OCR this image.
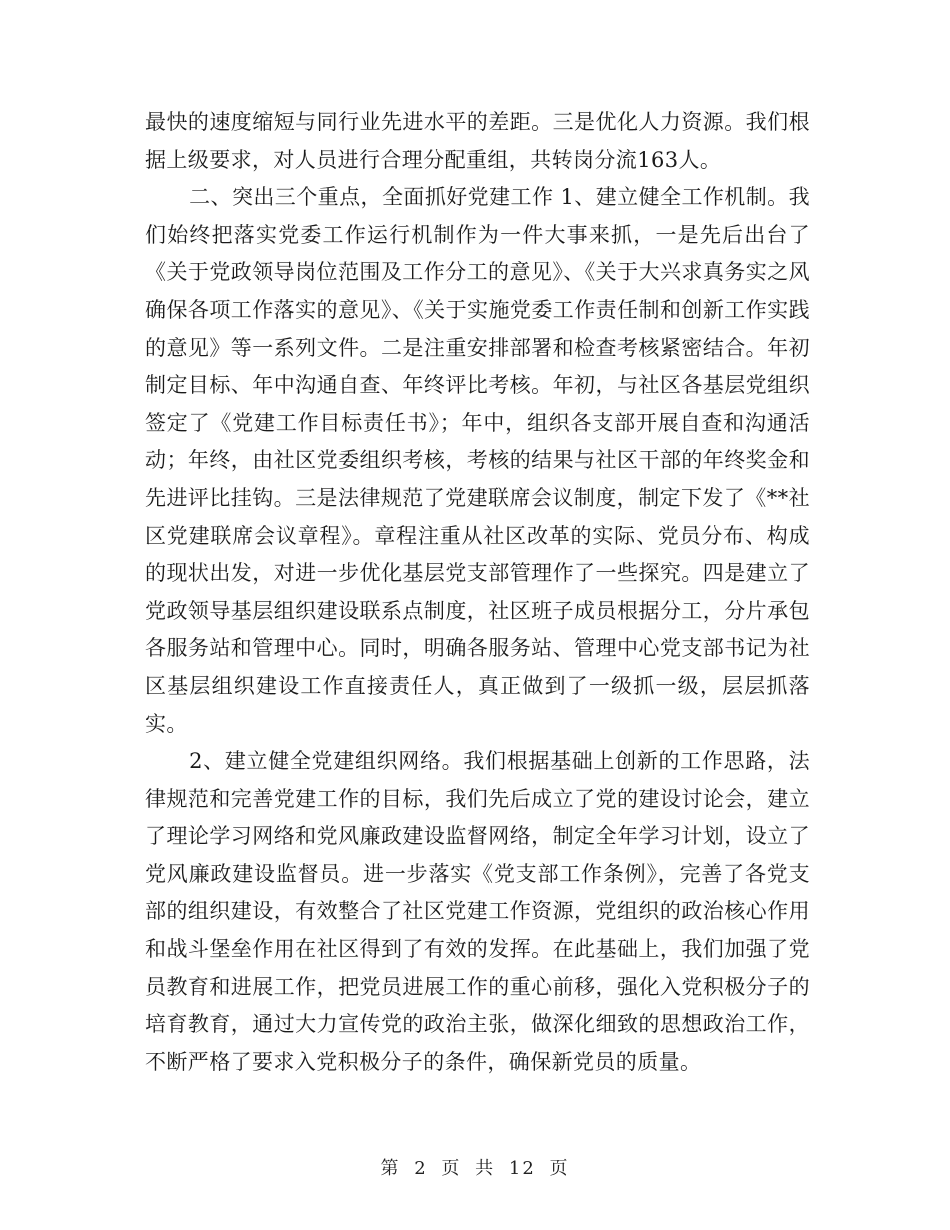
最快的速度缩短与同行业先进水平的差距。三是优化人力资源。我们根据上级要求，对人员进行合理分配重组，共转岗分流163人。

二、突出三个重点，全面抓好党建工作 1、建立健全工作机制。我们始终把落实党委工作运行机制作为一件大事来抓，一是先后出台了《关于党政领导岗位范围及工作分工的意见》、《关于大兴求真务实之风确保各项工作落实的意见》、《关于实施党委工作责任制和创新工作实践的意见》等一系列文件。二是注重安排部署和检查考核紧密结合。年初制定目标、年中沟通自查、年终评比考核。年初，与社区各基层党组织签定了《党建工作目标责任书》；年中，组织各支部开展自查和沟通活动；年终，由社区党委组织考核，考核的结果与社区干部的年终奖金和先进评比挂钩。三是法律规范了党建联席会议制度，制定下发了《**社区党建联席会议章程》。章程注重从社区改革的实际、党员分布、构成的现状出发，对进一步优化基层党支部管理作了一些探究。四是建立了党政领导基层组织建设联系点制度，社区班子成员根据分工，分片承包各服务站和管理中心。同时，明确各服务站、管理中心党支部书记为社区基层组织建设工作直接责任人，真正做到了一级抓一级，层层抓落实。

2、建立健全党建组织网络。我们根据基础上创新的工作思路，法律规范和完善党建工作的目标，我们先后成立了党的建设讨论会，建立了理论学习网络和党风廉政建设监督网络，制定全年学习计划，设立了党风廉政建设监督员。进一步落实《党支部工作条例》，完善了各党支部的组织建设，有效整合了社区党建工作资源，党组织的政治核心作用和战斗堡垒作用在社区得到了有效的发挥。在此基础上，我们加强了党员教育和进展工作，把党员进展工作的重心前移，强化入党积极分子的培育教育，通过大力宣传党的政治主张，做深化细致的思想政治工作，不断严格了要求入党积极分子的条件，确保新党员的质量。

第 2 页 共 12 页
